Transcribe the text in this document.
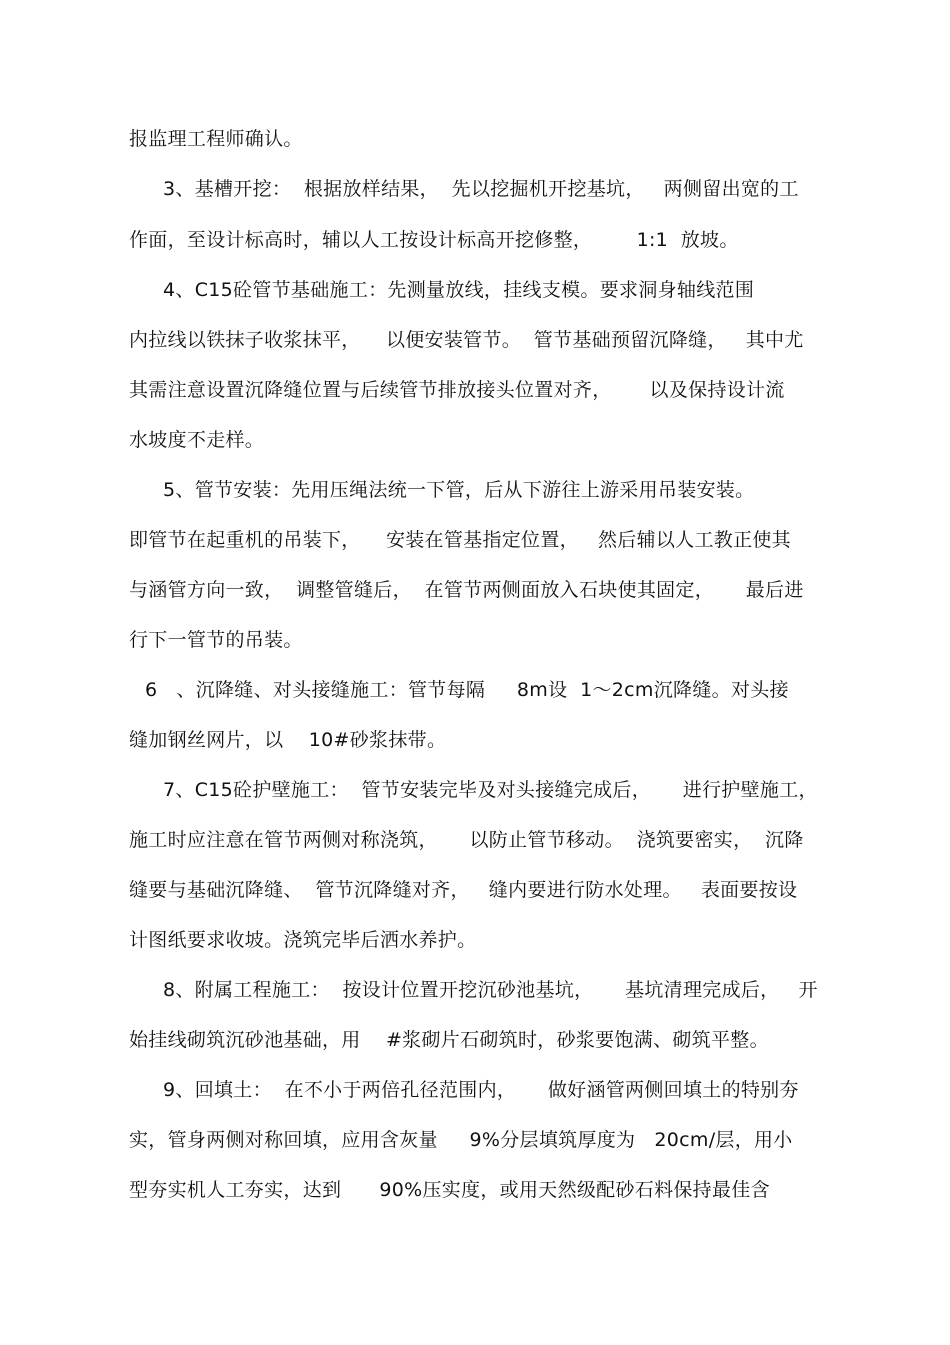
报监理工程师确认。
3、基槽开挖：  根据放样结果，  先以挖掘机开挖基坑，   两侧留出宽的工
作面，至设计标高时，辅以人工按设计标高开挖修整，       1:1  放坡。
4、C15砼管节基础施工：先测量放线，挂线支模。要求洞身轴线范围
内拉线以铁抹子收浆抹平，    以便安装管节。  管节基础预留沉降缝，   其中尤
其需注意设置沉降缝位置与后续管节排放接头位置对齐，      以及保持设计流
水坡度不走样。
5、管节安装：先用压绳法统一下管，后从下游往上游采用吊装安装。
即管节在起重机的吊装下，    安装在管基指定位置，   然后辅以人工教正使其
与涵管方向一致，  调整管缝后，  在管节两侧面放入石块使其固定，     最后进
行下一管节的吊装。
6   、沉降缝、对头接缝施工：管节每隔     8m设  1～2cm沉降缝。对头接
缝加钢丝网片，以    10#砂浆抹带。
7、C15砼护壁施工：  管节安装完毕及对头接缝完成后，     进行护壁施工，
施工时应注意在管节两侧对称浇筑，     以防止管节移动。  浇筑要密实，  沉降
缝要与基础沉降缝、  管节沉降缝对齐，   缝内要进行防水处理。   表面要按设
计图纸要求收坡。浇筑完毕后洒水养护。
8、附属工程施工：  按设计位置开挖沉砂池基坑，     基坑清理完成后，   开
始挂线砌筑沉砂池基础，用    #浆砌片石砌筑时，砂浆要饱满、砌筑平整。
9、回填土：  在不小于两倍孔径范围内，     做好涵管两侧回填土的特别夯
实，管身两侧对称回填，应用含灰量     9%分层填筑厚度为   20cm/层，用小
型夯实机人工夯实，达到      90%压实度，或用天然级配砂石料保持最佳含
